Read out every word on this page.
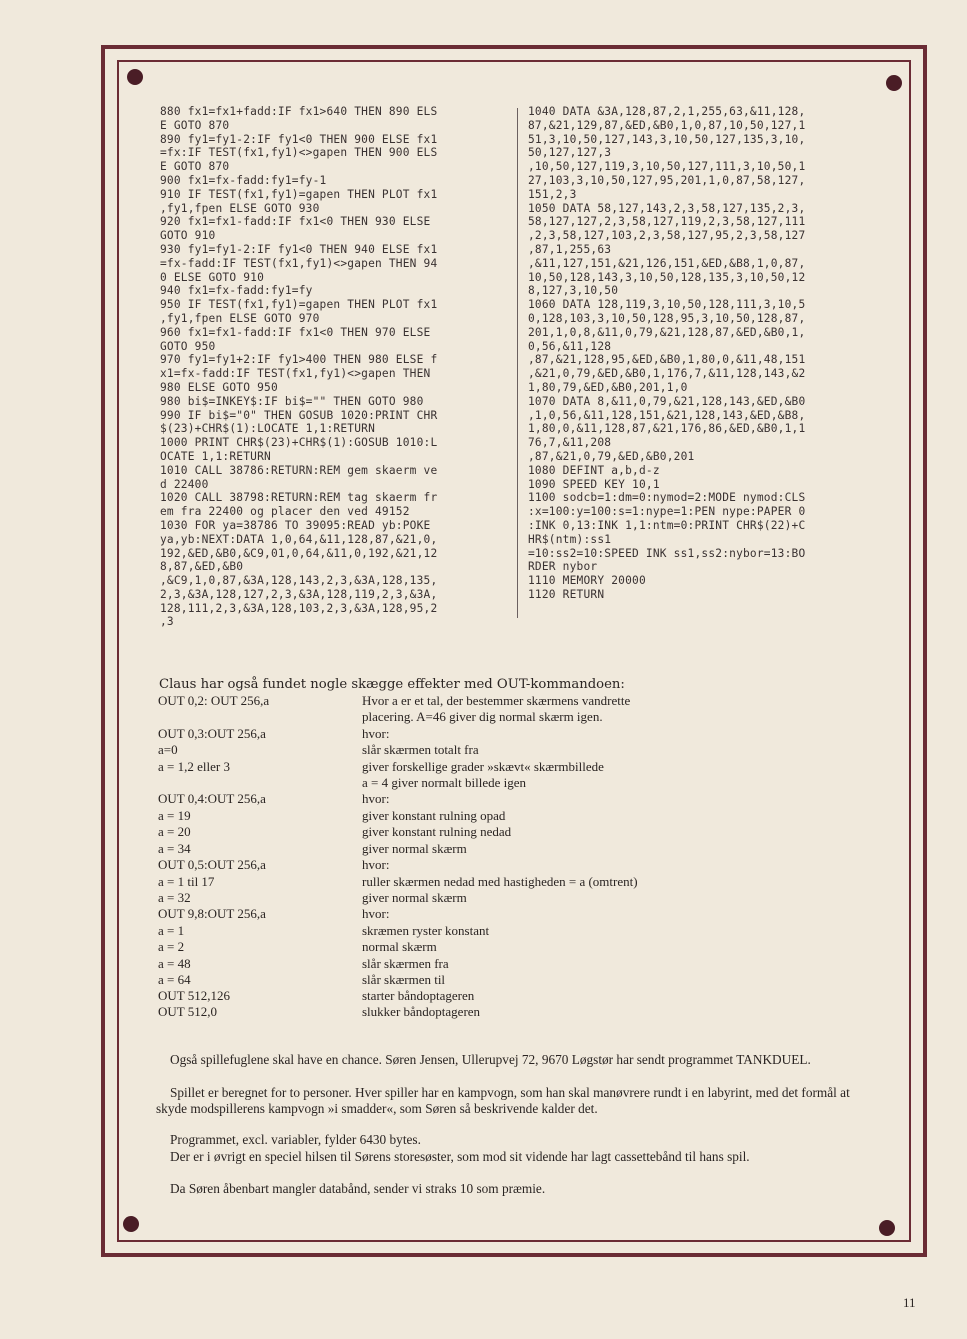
880 fx1=fx1+fadd:IF fx1>640 THEN 890 ELS
E GOTO 870
890 fy1=fy1-2:IF fy1<0 THEN 900 ELSE fx1
=fx:IF TEST(fx1,fy1)<>gapen THEN 900 ELS
E GOTO 870
900 fx1=fx-fadd:fy1=fy-1
910 IF TEST(fx1,fy1)=gapen THEN PLOT fx1
,fy1,fpen ELSE GOTO 930
920 fx1=fx1-fadd:IF fx1<0 THEN 930 ELSE
GOTO 910
930 fy1=fy1-2:IF fy1<0 THEN 940 ELSE fx1
=fx-fadd:IF TEST(fx1,fy1)<>gapen THEN 94
0 ELSE GOTO 910
940 fx1=fx-fadd:fy1=fy
950 IF TEST(fx1,fy1)=gapen THEN PLOT fx1
,fy1,fpen ELSE GOTO 970
960 fx1=fx1-fadd:IF fx1<0 THEN 970 ELSE
GOTO 950
970 fy1=fy1+2:IF fy1>400 THEN 980 ELSE f
x1=fx-fadd:IF TEST(fx1,fy1)<>gapen THEN
980 ELSE GOTO 950
980 bi$=INKEY$:IF bi$="" THEN GOTO 980
990 IF bi$="0" THEN GOSUB 1020:PRINT CHR
$(23)+CHR$(1):LOCATE 1,1:RETURN
1000 PRINT CHR$(23)+CHR$(1):GOSUB 1010:L
OCATE 1,1:RETURN
1010 CALL 38786:RETURN:REM gem skaerm ve
d 22400
1020 CALL 38798:RETURN:REM tag skaerm fr
em fra 22400 og placer den ved 49152
1030 FOR ya=38786 TO 39095:READ yb:POKE
ya,yb:NEXT:DATA 1,0,64,&11,128,87,&21,0,
192,&ED,&B0,&C9,01,0,64,&11,0,192,&21,12
8,87,&ED,&B0
,&C9,1,0,87,&3A,128,143,2,3,&3A,128,135,
2,3,&3A,128,127,2,3,&3A,128,119,2,3,&3A,
128,111,2,3,&3A,128,103,2,3,&3A,128,95,2
,3
1040 DATA &3A,128,87,2,1,255,63,&11,128,
87,&21,129,87,&ED,&B0,1,0,87,10,50,127,1
51,3,10,50,127,143,3,10,50,127,135,3,10,
50,127,127,3
,10,50,127,119,3,10,50,127,111,3,10,50,1
27,103,3,10,50,127,95,201,1,0,87,58,127,
151,2,3
1050 DATA 58,127,143,2,3,58,127,135,2,3,
58,127,127,2,3,58,127,119,2,3,58,127,111
,2,3,58,127,103,2,3,58,127,95,2,3,58,127
,87,1,255,63
,&11,127,151,&21,126,151,&ED,&B8,1,0,87,
10,50,128,143,3,10,50,128,135,3,10,50,12
8,127,3,10,50
1060 DATA 128,119,3,10,50,128,111,3,10,5
0,128,103,3,10,50,128,95,3,10,50,128,87,
201,1,0,8,&11,0,79,&21,128,87,&ED,&B0,1,
0,56,&11,128
,87,&21,128,95,&ED,&B0,1,80,0,&11,48,151
,&21,0,79,&ED,&B0,1,176,7,&11,128,143,&2
1,80,79,&ED,&B0,201,1,0
1070 DATA 8,&11,0,79,&21,128,143,&ED,&B0
,1,0,56,&11,128,151,&21,128,143,&ED,&B8,
1,80,0,&11,128,87,&21,176,86,&ED,&B0,1,1
76,7,&11,208
,87,&21,0,79,&ED,&B0,201
1080 DEFINT a,b,d-z
1090 SPEED KEY 10,1
1100 sodcb=1:dm=0:nymod=2:MODE nymod:CLS
:x=100:y=100:s=1:nype=1:PEN nype:PAPER 0
:INK 0,13:INK 1,1:ntm=0:PRINT CHR$(22)+C
HR$(ntm):ss1
=10:ss2=10:SPEED INK ss1,ss2:nybor=13:BO
RDER nybor
1110 MEMORY 20000
1120 RETURN
Claus har også fundet nogle skægge effekter med OUT-kommandoen:
OUT 0,2: OUT 256,a	Hvor a er et tal, der bestemmer skærmens vandrette
placering. A=46 giver dig normal skærm igen.
OUT 0,3:OUT 256,a	hvor:
a=0	slår skærmen totalt fra
a = 1,2 eller 3	giver forskellige grader »skævt« skærmbillede
a = 4 giver normalt billede igen
OUT 0,4:OUT 256,a	hvor:
a = 19	giver konstant rulning opad
a = 20	giver konstant rulning nedad
a = 34	giver normal skærm
OUT 0,5:OUT 256,a	hvor:
a = 1 til 17	ruller skærmen nedad med hastigheden = a (omtrent)
a = 32	giver normal skærm
OUT 9,8:OUT 256,a	hvor:
a = 1	skræmen ryster konstant
a = 2	normal skærm
a = 48	slår skærmen fra
a = 64	slår skærmen til
OUT 512,126	starter båndoptageren
OUT 512,0	slukker båndoptageren
Også spillefuglene skal have en chance. Søren Jensen, Ullerupvej 72, 9670 Løgstør har sendt programmet TANKDUEL.
Spillet er beregnet for to personer. Hver spiller har en kampvogn, som han skal manøvrere rundt i en labyrint, med det formål at skyde modspillerens kampvogn »i smadder«, som Søren så beskrivende kalder det.
Programmet, excl. variabler, fylder 6430 bytes.
Der er i øvrigt en speciel hilsen til Sørens storesøster, som mod sit vidende har lagt cassettebånd til hans spil.
Da Søren åbenbart mangler databånd, sender vi straks 10 som præmie.
11
